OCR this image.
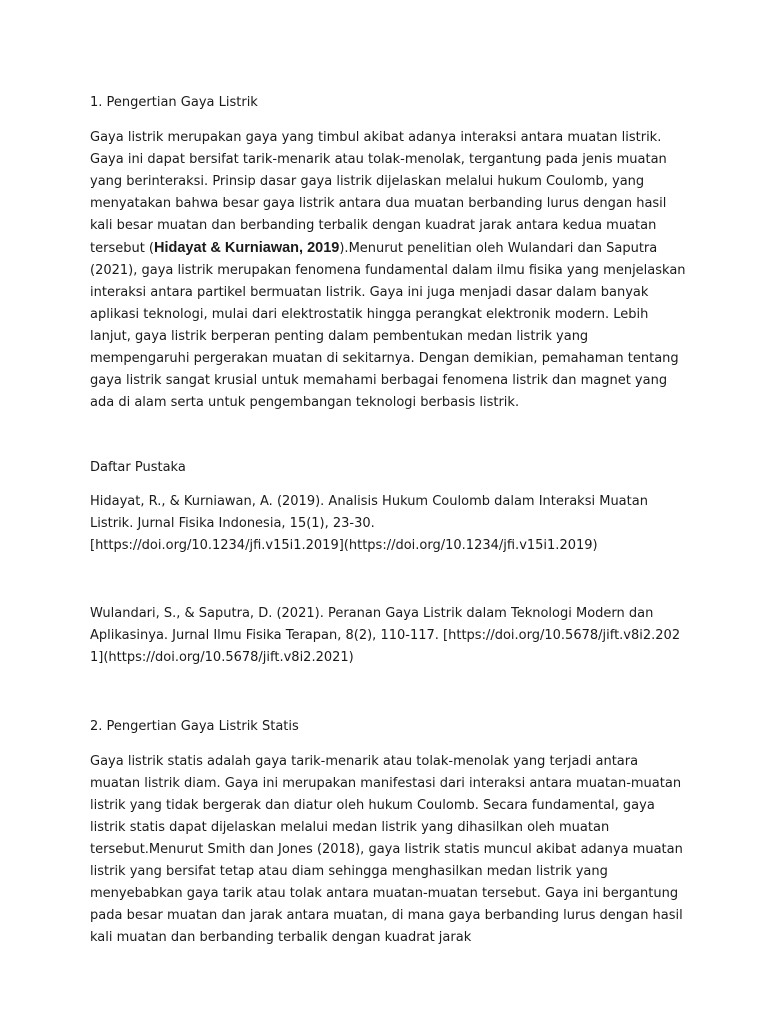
1. Pengertian Gaya Listrik
Gaya listrik merupakan gaya yang timbul akibat adanya interaksi antara muatan listrik. Gaya ini dapat bersifat tarik-menarik atau tolak-menolak, tergantung pada jenis muatan yang berinteraksi. Prinsip dasar gaya listrik dijelaskan melalui hukum Coulomb, yang menyatakan bahwa besar gaya listrik antara dua muatan berbanding lurus dengan hasil kali besar muatan dan berbanding terbalik dengan kuadrat jarak antara kedua muatan tersebut (Hidayat & Kurniawan, 2019).Menurut penelitian oleh Wulandari dan Saputra (2021), gaya listrik merupakan fenomena fundamental dalam ilmu fisika yang menjelaskan interaksi antara partikel bermuatan listrik. Gaya ini juga menjadi dasar dalam banyak aplikasi teknologi, mulai dari elektrostatik hingga perangkat elektronik modern. Lebih lanjut, gaya listrik berperan penting dalam pembentukan medan listrik yang mempengaruhi pergerakan muatan di sekitarnya. Dengan demikian, pemahaman tentang gaya listrik sangat krusial untuk memahami berbagai fenomena listrik dan magnet yang ada di alam serta untuk pengembangan teknologi berbasis listrik.
Daftar Pustaka
Hidayat, R., & Kurniawan, A. (2019). Analisis Hukum Coulomb dalam Interaksi Muatan Listrik. Jurnal Fisika Indonesia, 15(1), 23-30.
[https://doi.org/10.1234/jfi.v15i1.2019](https://doi.org/10.1234/jfi.v15i1.2019)
Wulandari, S., & Saputra, D. (2021). Peranan Gaya Listrik dalam Teknologi Modern dan Aplikasinya. Jurnal Ilmu Fisika Terapan, 8(2), 110-117. [https://doi.org/10.5678/jift.v8i2.2021](https://doi.org/10.5678/jift.v8i2.2021)
2. Pengertian Gaya Listrik Statis
Gaya listrik statis adalah gaya tarik-menarik atau tolak-menolak yang terjadi antara muatan listrik diam. Gaya ini merupakan manifestasi dari interaksi antara muatan-muatan listrik yang tidak bergerak dan diatur oleh hukum Coulomb. Secara fundamental, gaya listrik statis dapat dijelaskan melalui medan listrik yang dihasilkan oleh muatan tersebut.Menurut Smith dan Jones (2018), gaya listrik statis muncul akibat adanya muatan listrik yang bersifat tetap atau diam sehingga menghasilkan medan listrik yang menyebabkan gaya tarik atau tolak antara muatan-muatan tersebut. Gaya ini bergantung pada besar muatan dan jarak antara muatan, di mana gaya berbanding lurus dengan hasil kali muatan dan berbanding terbalik dengan kuadrat jarak
